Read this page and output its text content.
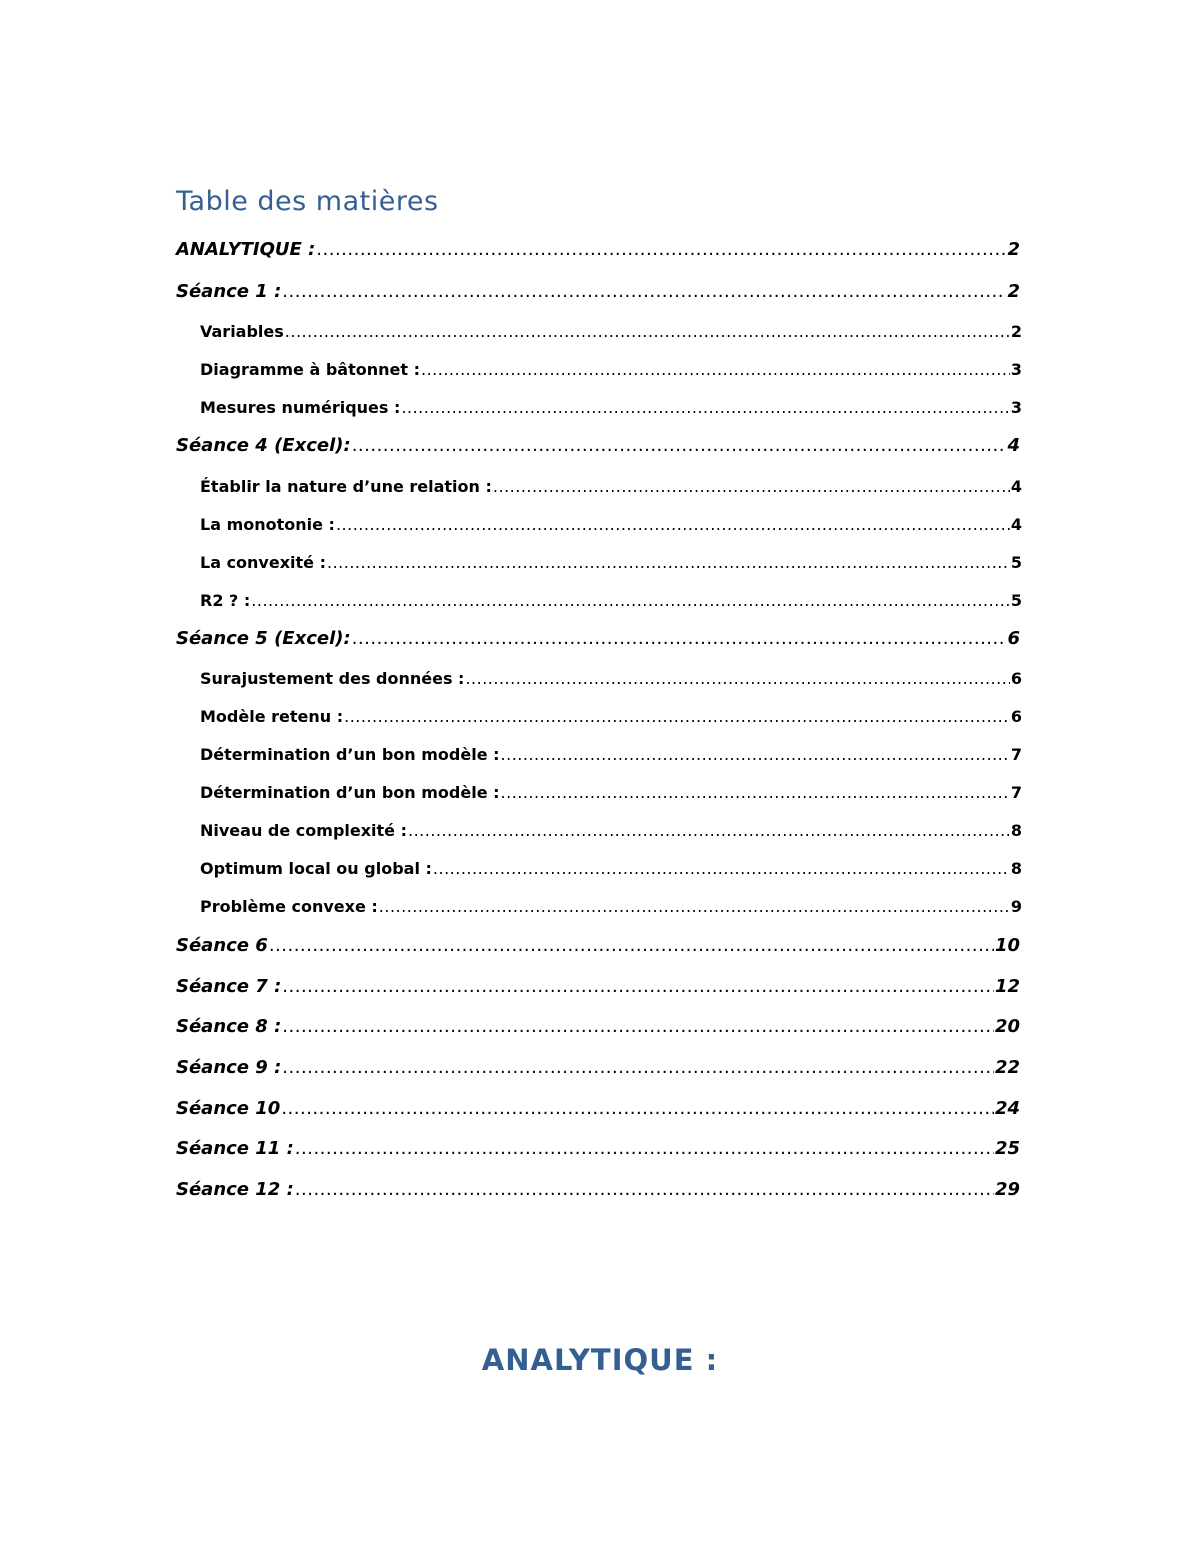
Table des matières
ANALYTIQUE : .....	2
Séance 1 : .....	2
Variables .....	2
Diagramme à bâtonnet : .....	3
Mesures numériques : .....	3
Séance 4 (Excel): .....	4
Établir la nature d’une relation : .....	4
La monotonie : .....	4
La convexité : .....	5
R2 ? : .....	5
Séance 5 (Excel): .....	6
Surajustement des données : .....	6
Modèle retenu : .....	6
Détermination d’un bon modèle : .....	7
Détermination d’un bon modèle : .....	7
Niveau de complexité : .....	8
Optimum local ou global : .....	8
Problème convexe : .....	9
Séance 6 .....	10
Séance 7 : .....	12
Séance 8 : .....	20
Séance 9 : .....	22
Séance 10 .....	24
Séance 11 : .....	25
Séance 12 : .....	29
ANALYTIQUE :
